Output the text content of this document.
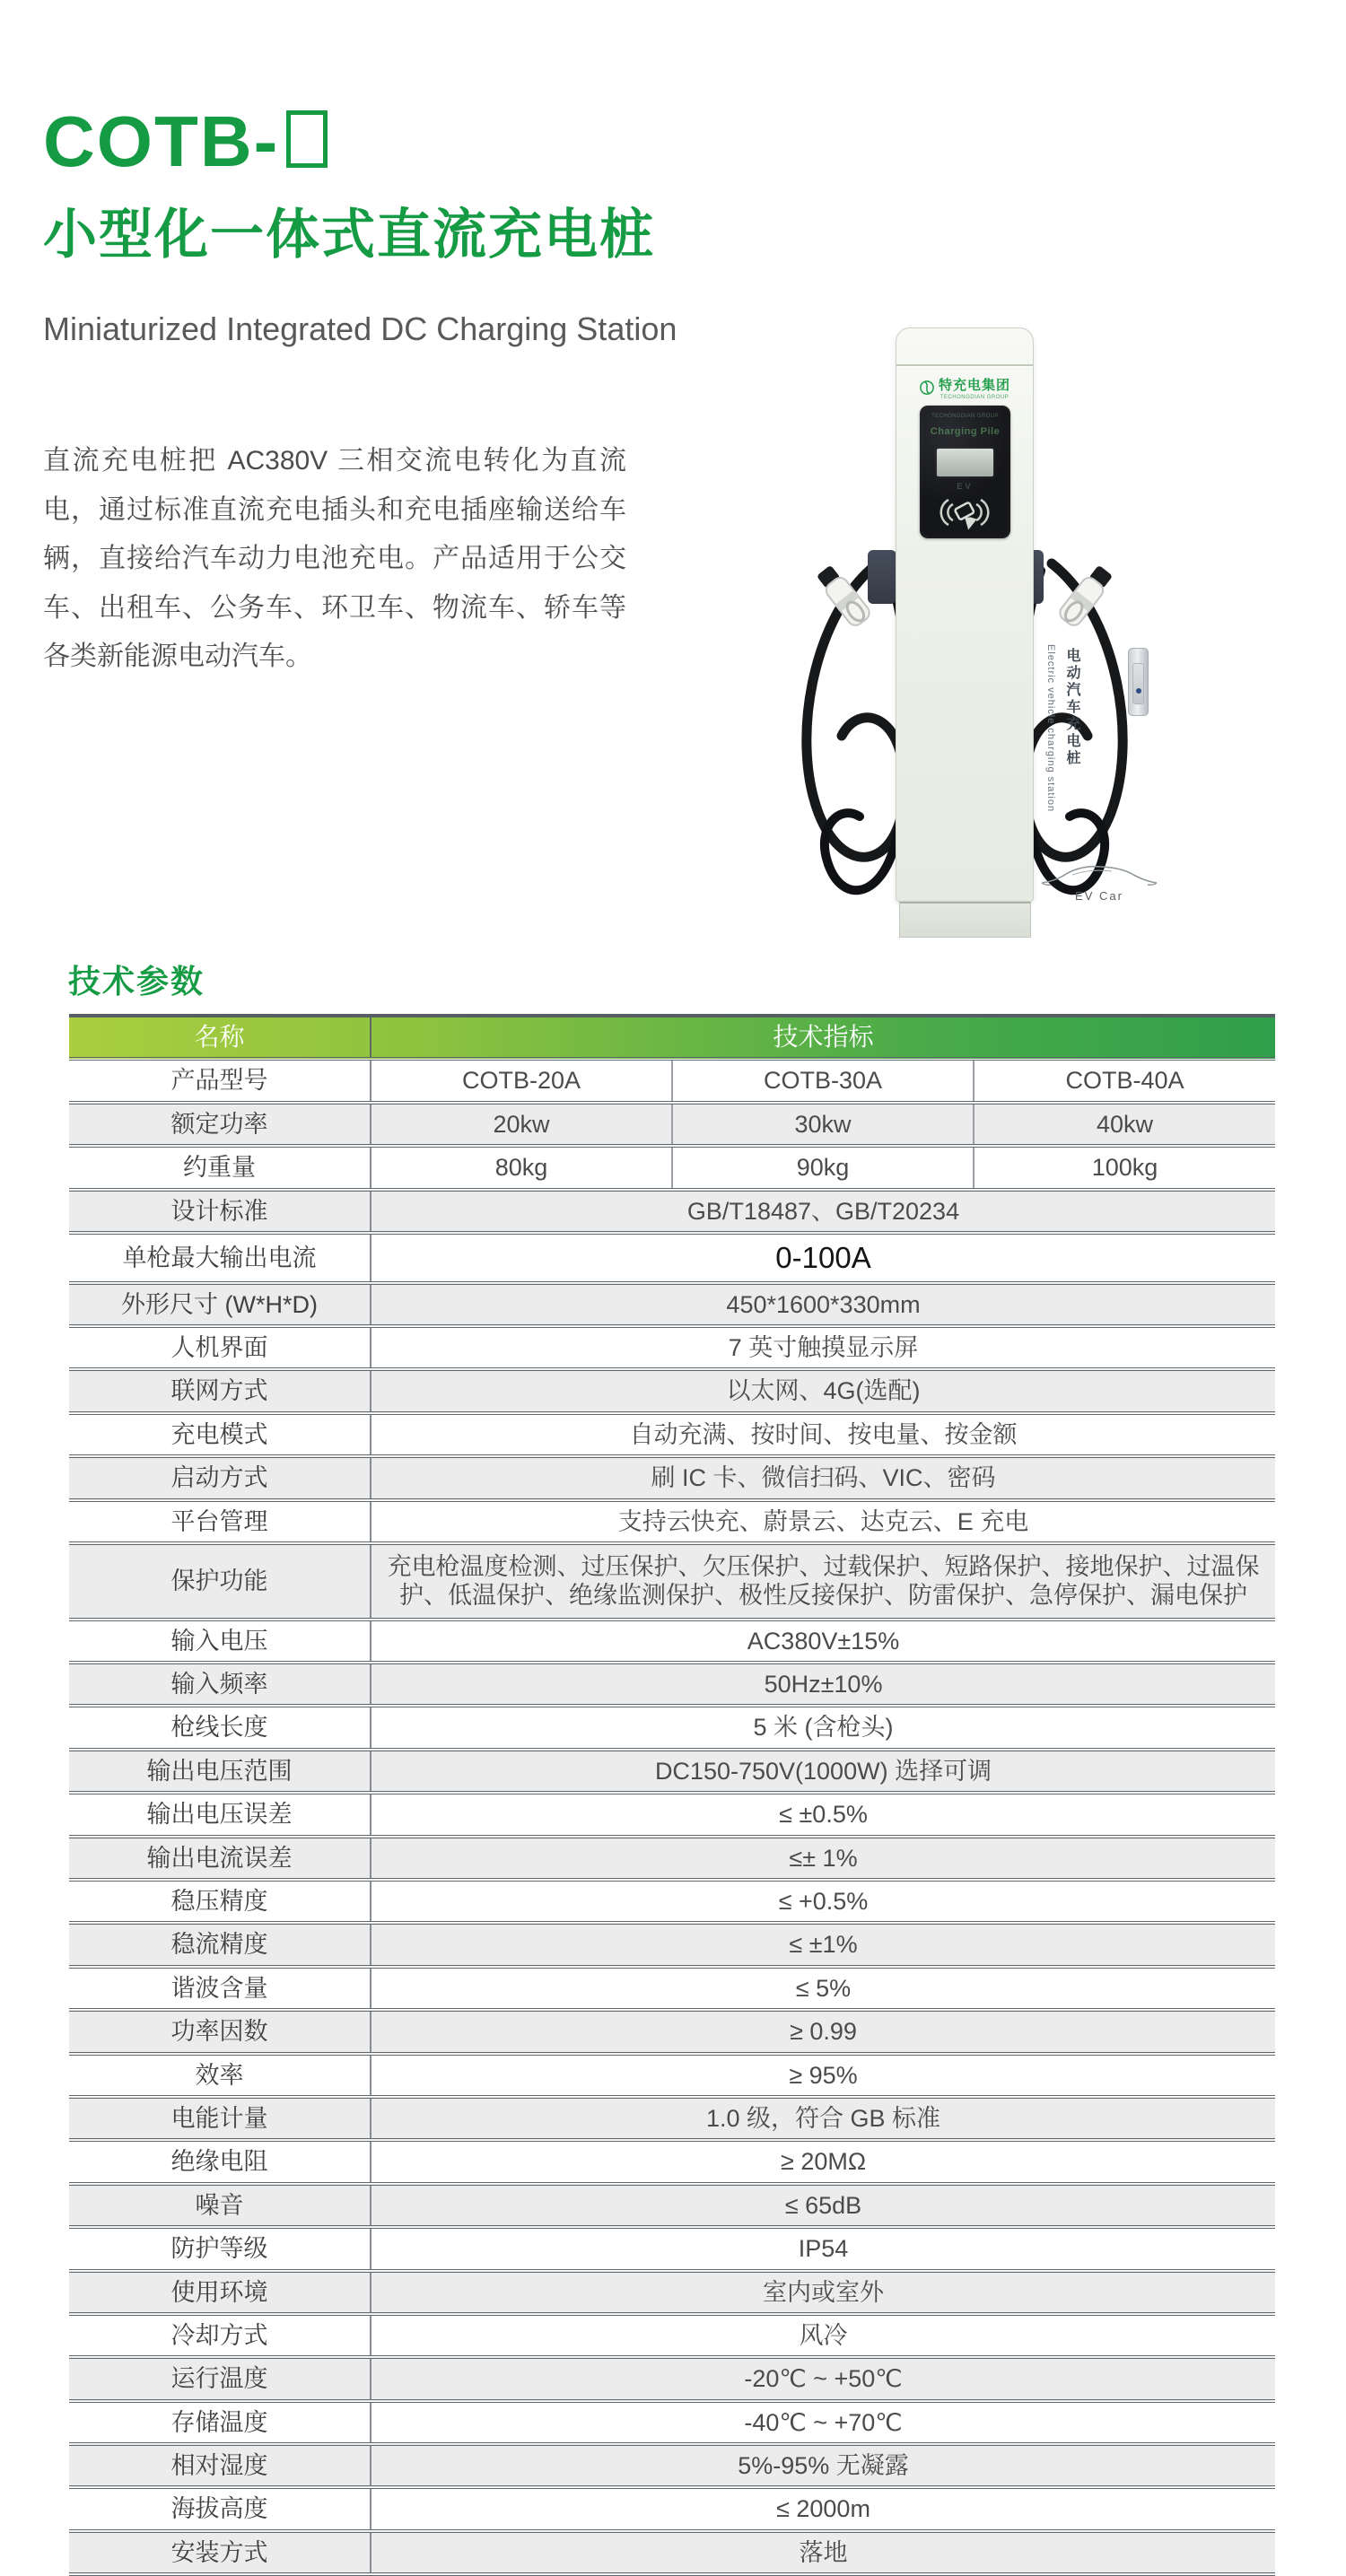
COTB-
小型化一体式直流充电桩
Miniaturized Integrated DC Charging Station
直流充电桩把 AC380V 三相交流电转化为直流电，通过标准直流充电插头和充电插座输送给车辆，直接给汽车动力电池充电。产品适用于公交车、出租车、公务车、环卫车、物流车、轿车等各类新能源电动汽车。
特充电集团
TECHONGDIAN GROUP
TECHONGDIAN GROUP
Charging Pile
EV
Electric vehicle charging station 电动汽车充电桩
EV Car
技术参数
名称	技术指标		
产品型号	COTB-20A	COTB-30A	COTB-40A
额定功率	20kw	30kw	40kw
约重量	80kg	90kg	100kg
设计标准	GB/T18487、GB/T20234		
单枪最大输出电流	0-100A		
外形尺寸 (W*H*D)	450*1600*330mm		
人机界面	7 英寸触摸显示屏		
联网方式	以太网、4G(选配)		
充电模式	自动充满、按时间、按电量、按金额		
启动方式	刷 IC 卡、微信扫码、VIC、密码		
平台管理	支持云快充、蔚景云、达克云、E 充电		
保护功能	充电枪温度检测、过压保护、欠压保护、过载保护、短路保护、接地保护、过温保护、低温保护、绝缘监测保护、极性反接保护、防雷保护、急停保护、漏电保护		
输入电压	AC380V±15%		
输入频率	50Hz±10%		
枪线长度	5 米 (含枪头)		
输出电压范围	DC150-750V(1000W) 选择可调		
输出电压误差	≤ ±0.5%		
输出电流误差	≤± 1%		
稳压精度	≤ +0.5%		
稳流精度	≤ ±1%		
谐波含量	≤ 5%		
功率因数	≥ 0.99		
效率	≥ 95%		
电能计量	1.0 级，符合 GB 标准		
绝缘电阻	≥ 20MΩ		
噪音	≤ 65dB		
防护等级	IP54		
使用环境	室内或室外		
冷却方式	风冷		
运行温度	-20℃ ~ +50℃		
存储温度	-40℃ ~ +70℃		
相对湿度	5%-95% 无凝露		
海拔高度	≤ 2000m		
安装方式	落地		
